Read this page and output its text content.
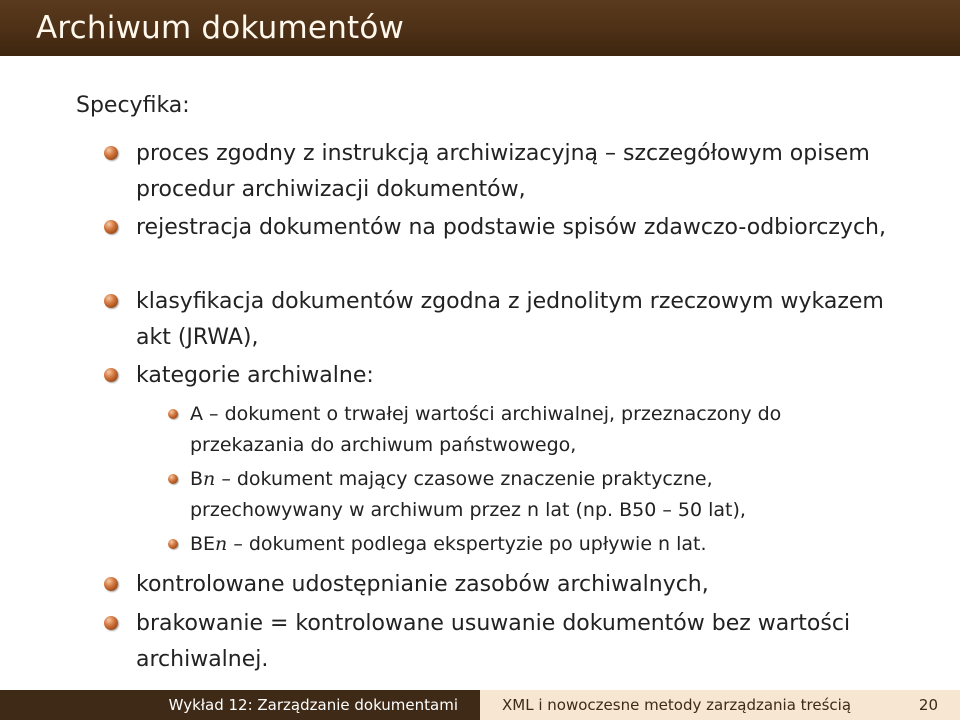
Archiwum dokumentów

Specyfika:

proces zgodny z instrukcją archiwizacyjną – szczegółowym opisem procedur archiwizacji dokumentów,
rejestracja dokumentów na podstawie spisów zdawczo-odbiorczych,
klasyfikacja dokumentów zgodna z jednolitym rzeczowym wykazem akt (JRWA),
kategorie archiwalne:
kontrolowane udostępnianie zasobów archiwalnych,
brakowanie = kontrolowane usuwanie dokumentów bez wartości archiwalnej.
A – dokument o trwałej wartości archiwalnej, przeznaczony do przekazania do archiwum państwowego,
Bn – dokument mający czasowe znaczenie praktyczne, przechowywany w archiwum przez n lat (np. B50 – 50 lat),
BEn – dokument podlega ekspertyzie po upływie n lat.
Wykład 12: Zarządzanie dokumentami	XML i nowoczesne metody zarządzania treścią	20
